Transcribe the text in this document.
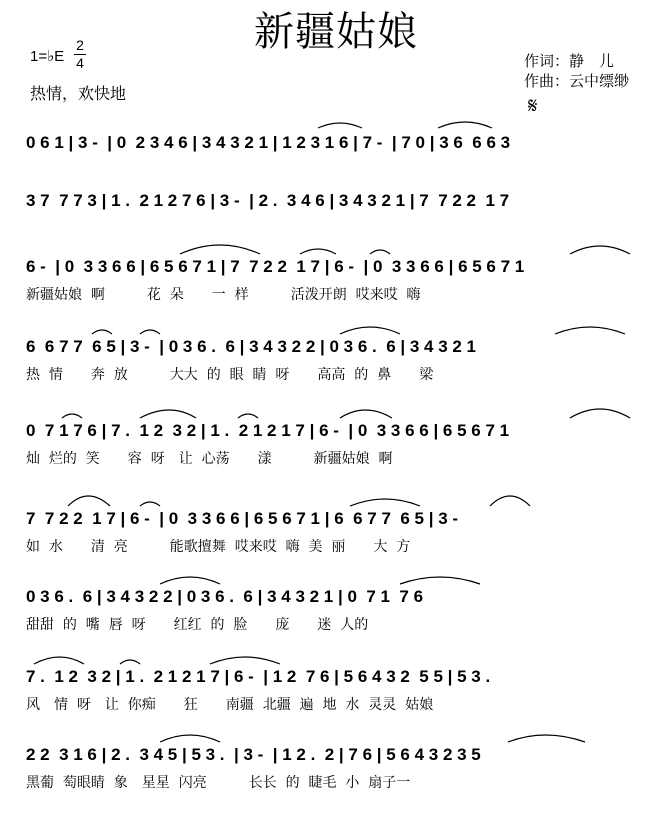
新疆姑娘
1=♭E
2
4
热情，欢快地
作词：静　儿
作曲：云中缥缈
𝄋
0 6 1 | 3 -  | 0  2 3 4 6 | 3 4 3 2 1 | 1 2 3 1 6 | 7 -  | 7 0 | 3 6  6 6 3
3 7  7 7 3 | 1 .  2 1 2 7 6 | 3 -  | 2 .  3 4 6 | 3 4 3 2 1 | 7  7 2 2  1 7
6 -  | 0  3 3 6 6 | 6 5 6 7 1 | 7  7 2 2  1 7 | 6 -  | 0  3 3 6 6 | 6 5 6 7 1
新疆姑娘  啊　　　花  朵　　一  样　　　活泼开朗  哎来哎  嗨
6  6 7 7  6 5 | 3 -  | 0 3 6 .  6 | 3 4 3 2 2 | 0 3 6 .  6 | 3 4 3 2 1
热  情　　奔  放　　　大大  的  眼  睛  呀　　高高  的  鼻　　梁
0  7 1 7 6 | 7 .  1 2  3 2 | 1 .  2 1 2 1 7 | 6 -  | 0  3 3 6 6 | 6 5 6 7 1
灿  烂的  笑　　容  呀　让  心荡　　漾　　　新疆姑娘  啊
7  7 2 2  1 7 | 6 -  | 0  3 3 6 6 | 6 5 6 7 1 | 6  6 7 7  6 5 | 3 -
如  水　　清  亮　　　能歌擅舞  哎来哎  嗨  美  丽　　大  方
0 3 6 .  6 | 3 4 3 2 2 | 0 3 6 .  6 | 3 4 3 2 1 | 0  7 1  7 6
甜甜  的  嘴  唇  呀　　红红  的  脸　　庞　　迷  人的
7 .  1 2  3 2 | 1 .  2 1 2 1 7 | 6 -  | 1 2  7 6 | 5 6 4 3 2  5 5 | 5 3 .
风　情  呀　让  你痴　　狂　　南疆  北疆  遍  地  水  灵灵  姑娘
2 2  3 1 6 | 2 .  3 4 5 | 5 3 .  | 3 -  | 1 2 .  2 | 7 6 | 5 6 4 3 2 3 5
黑葡  萄眼睛  象　星星  闪亮　　　长长  的  睫毛  小  扇子一
